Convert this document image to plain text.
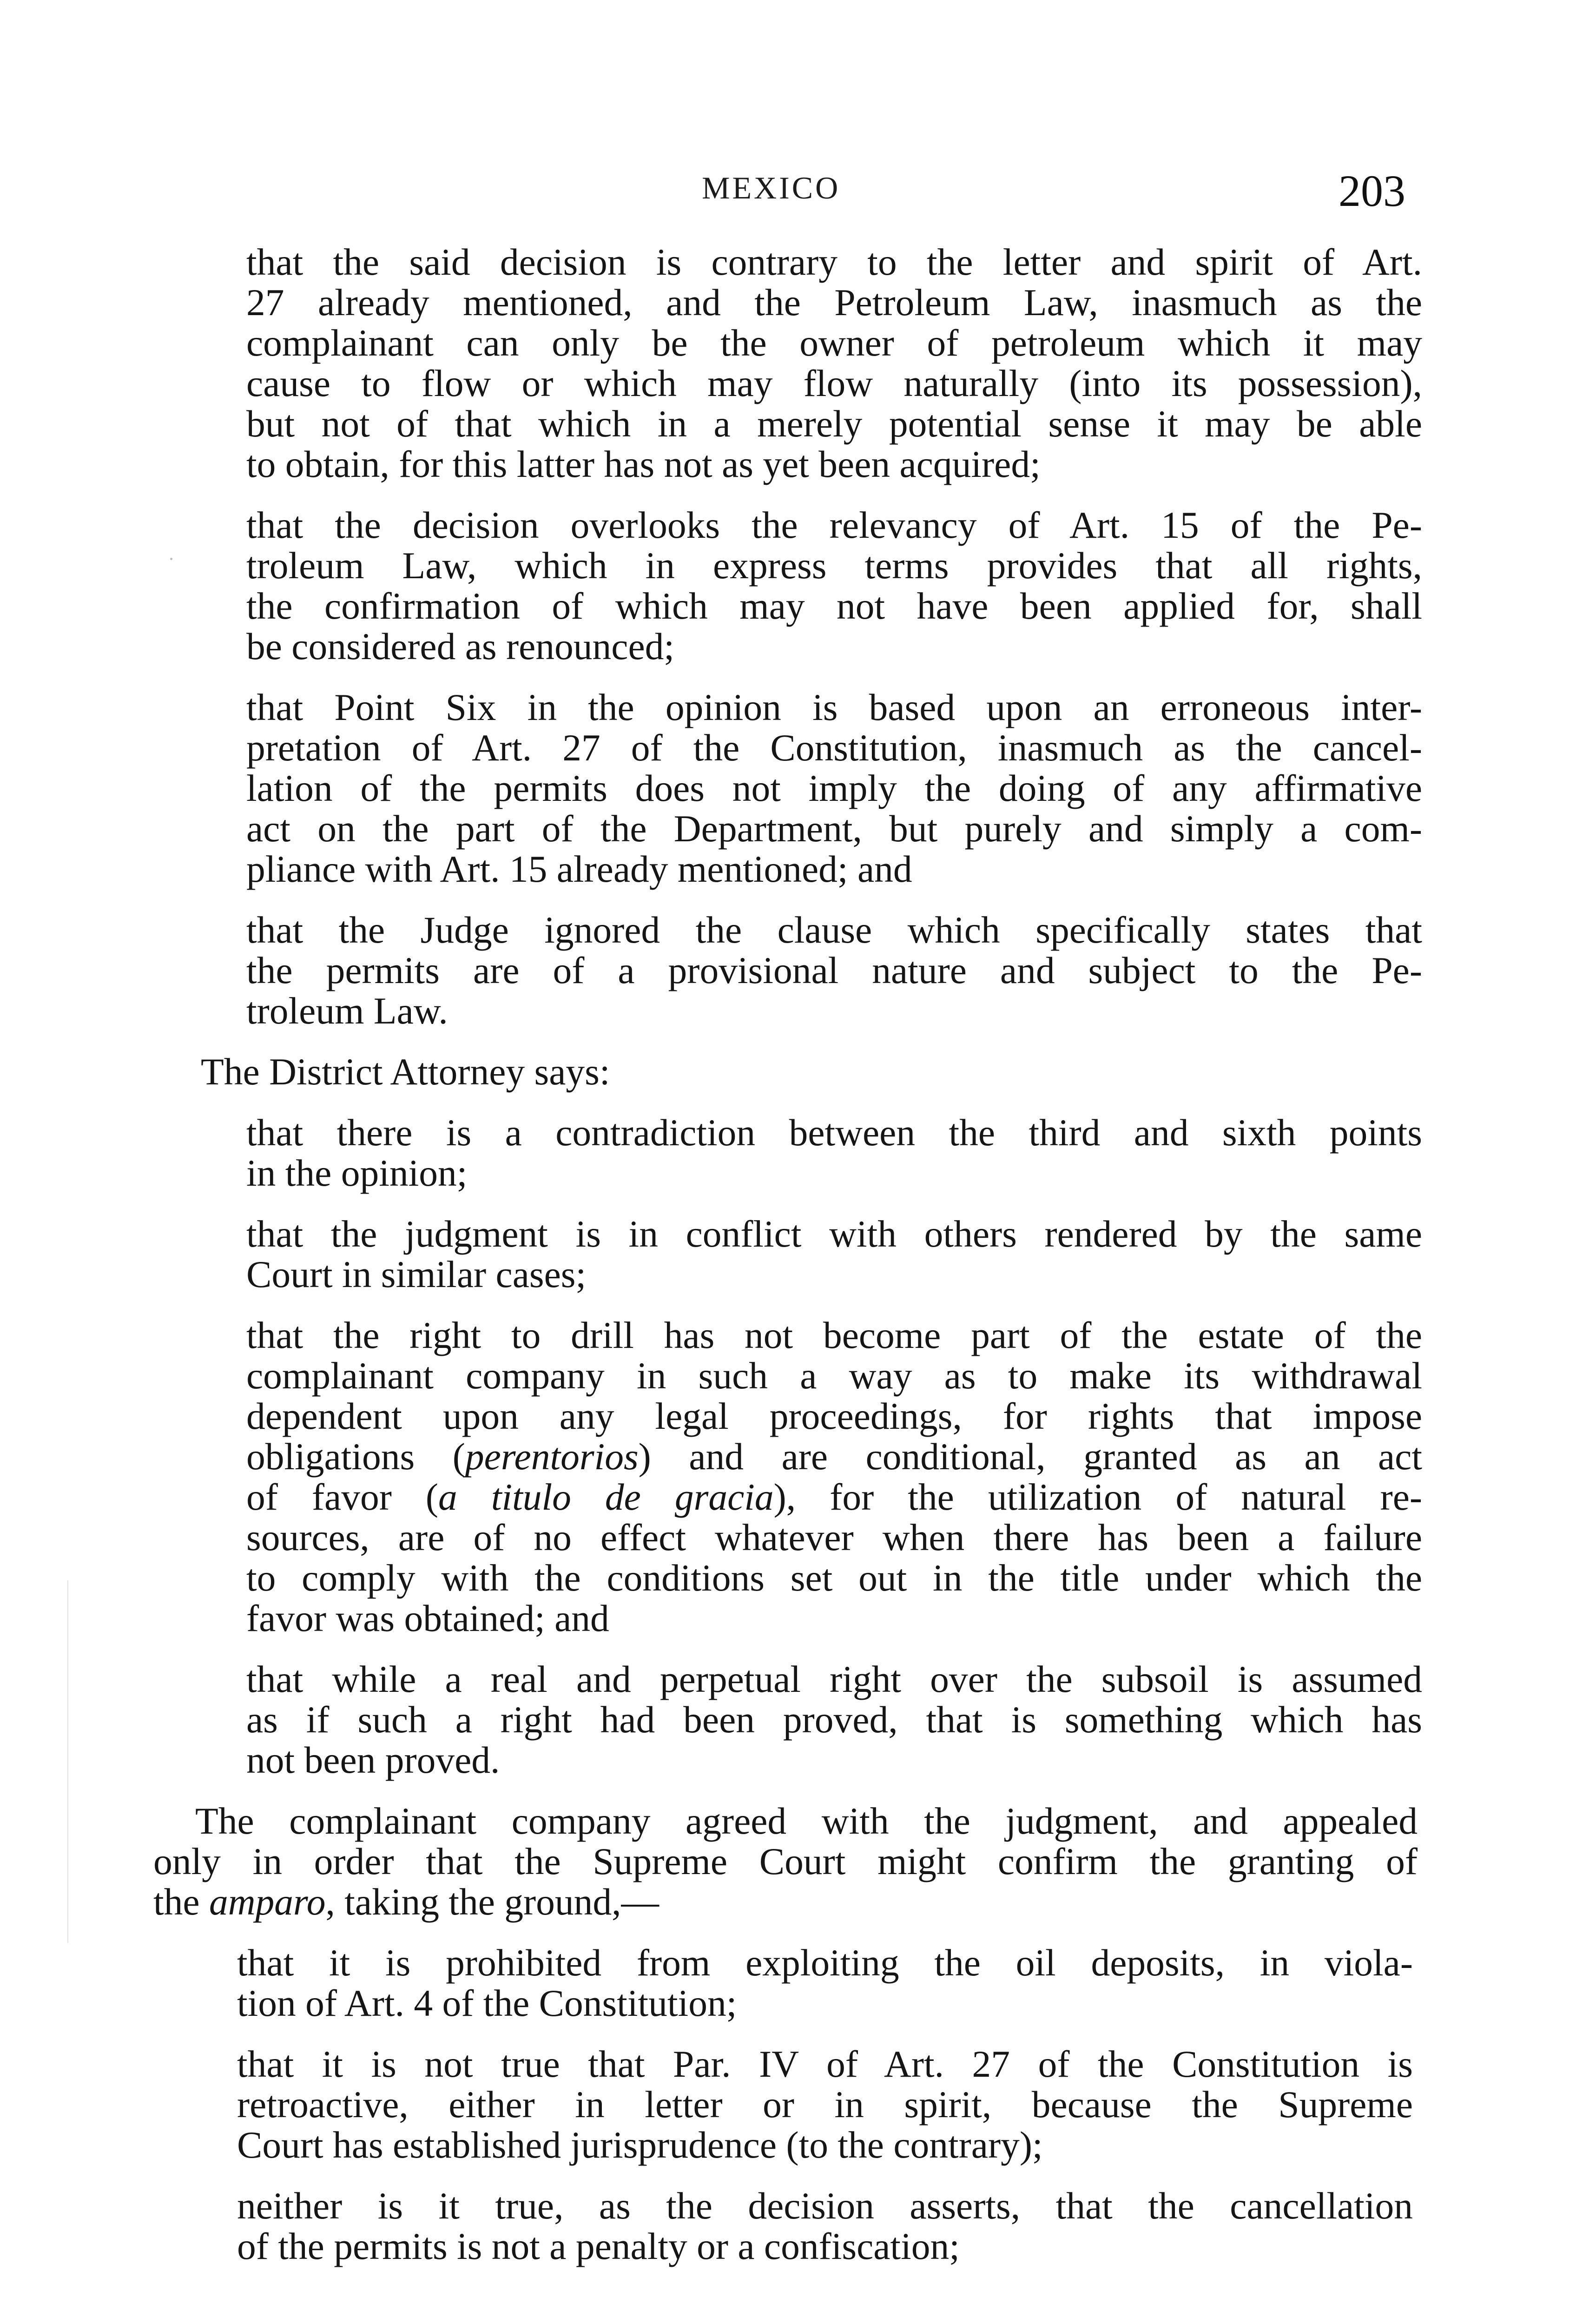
MEXICO	203

that the said decision is contrary to the letter and spirit of Art.
27 already mentioned, and the Petroleum Law, inasmuch as the
complainant can only be the owner of petroleum which it may
cause to flow or which may flow naturally (into its possession),
but not of that which in a merely potential sense it may be able
to obtain, for this latter has not as yet been acquired;

that the decision overlooks the relevancy of Art. 15 of the Pe-
troleum Law, which in express terms provides that all rights,
the confirmation of which may not have been applied for, shall
be considered as renounced;

that Point Six in the opinion is based upon an erroneous inter-
pretation of Art. 27 of the Constitution, inasmuch as the cancel-
lation of the permits does not imply the doing of any affirmative
act on the part of the Department, but purely and simply a com-
pliance with Art. 15 already mentioned; and

that the Judge ignored the clause which specifically states that
the permits are of a provisional nature and subject to the Pe-
troleum Law.

The District Attorney says:

that there is a contradiction between the third and sixth points
in the opinion;

that the judgment is in conflict with others rendered by the same
Court in similar cases;

that the right to drill has not become part of the estate of the
complainant company in such a way as to make its withdrawal
dependent upon any legal proceedings, for rights that impose
obligations (perentorios) and are conditional, granted as an act
of favor (a titulo de gracia), for the utilization of natural re-
sources, are of no effect whatever when there has been a failure
to comply with the conditions set out in the title under which the
favor was obtained; and

that while a real and perpetual right over the subsoil is assumed
as if such a right had been proved, that is something which has
not been proved.

The complainant company agreed with the judgment, and appealed
only in order that the Supreme Court might confirm the granting of
the amparo, taking the ground,—

that it is prohibited from exploiting the oil deposits, in viola-
tion of Art. 4 of the Constitution;

that it is not true that Par. IV of Art. 27 of the Constitution is
retroactive, either in letter or in spirit, because the Supreme
Court has established jurisprudence (to the contrary);

neither is it true, as the decision asserts, that the cancellation
of the permits is not a penalty or a confiscation;
